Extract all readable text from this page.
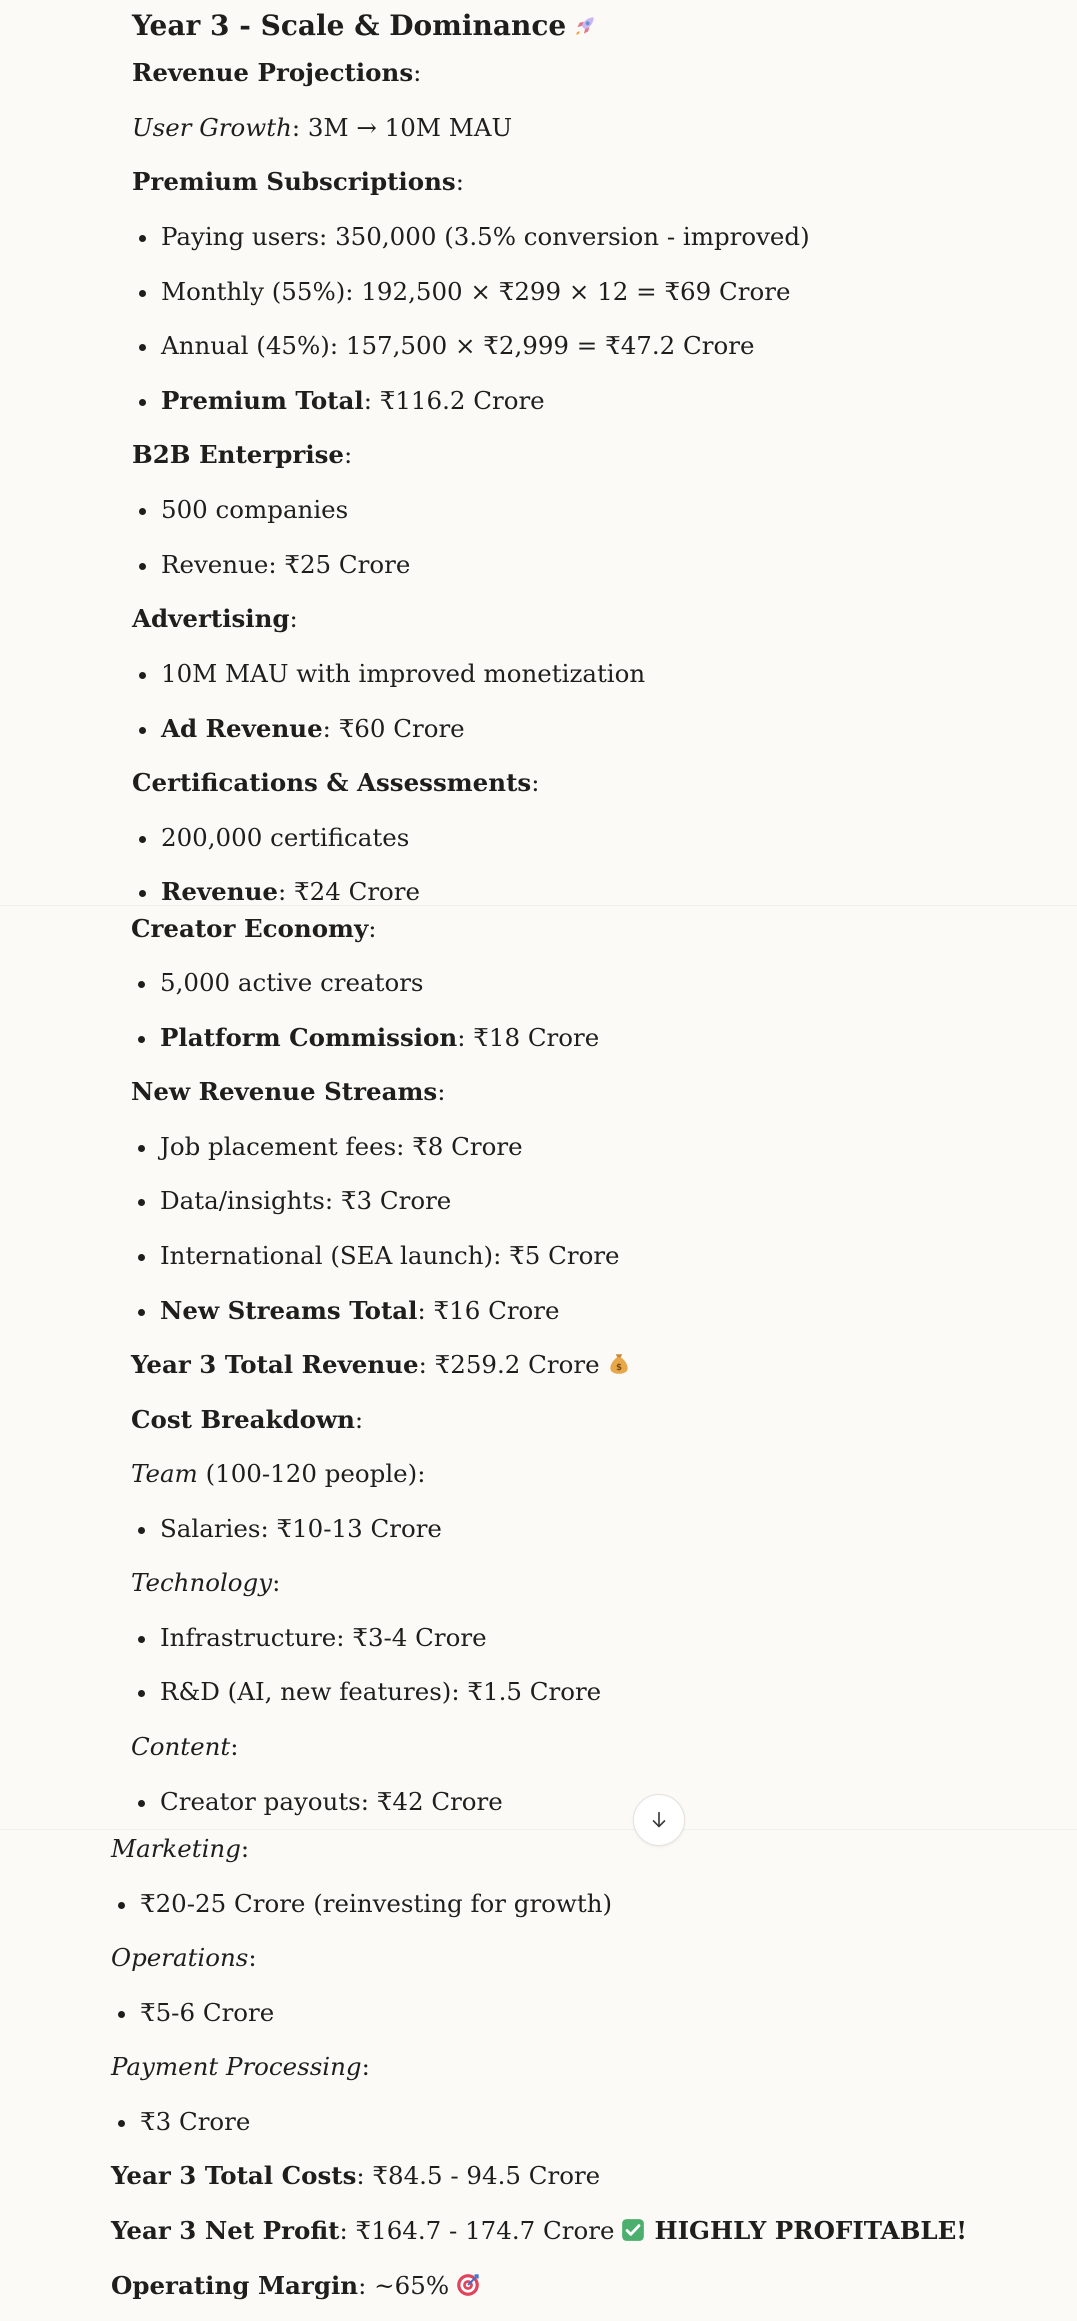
Year 3 - Scale & Dominance
Revenue Projections:
User Growth: 3M → 10M MAU
Premium Subscriptions:
Paying users: 350,000 (3.5% conversion - improved)
Monthly (55%): 192,500 × ₹299 × 12 = ₹69 Crore
Annual (45%): 157,500 × ₹2,999 = ₹47.2 Crore
Premium Total: ₹116.2 Crore
B2B Enterprise:
500 companies
Revenue: ₹25 Crore
Advertising:
10M MAU with improved monetization
Ad Revenue: ₹60 Crore
Certifications & Assessments:
200,000 certificates
Revenue: ₹24 Crore
Creator Economy:
5,000 active creators
Platform Commission: ₹18 Crore
New Revenue Streams:
Job placement fees: ₹8 Crore
Data/insights: ₹3 Crore
International (SEA launch): ₹5 Crore
New Streams Total: ₹16 Crore
Year 3 Total Revenue: ₹259.2 Crore $
Cost Breakdown:
Team (100-120 people):
Salaries: ₹10-13 Crore
Technology:
Infrastructure: ₹3-4 Crore
R&D (AI, new features): ₹1.5 Crore
Content:
Creator payouts: ₹42 Crore
Marketing:
₹20-25 Crore (reinvesting for growth)
Operations:
₹5-6 Crore
Payment Processing:
₹3 Crore
Year 3 Total Costs: ₹84.5 - 94.5 Crore
Year 3 Net Profit: ₹164.7 - 174.7 Crore HIGHLY PROFITABLE!
Operating Margin: ~65%
